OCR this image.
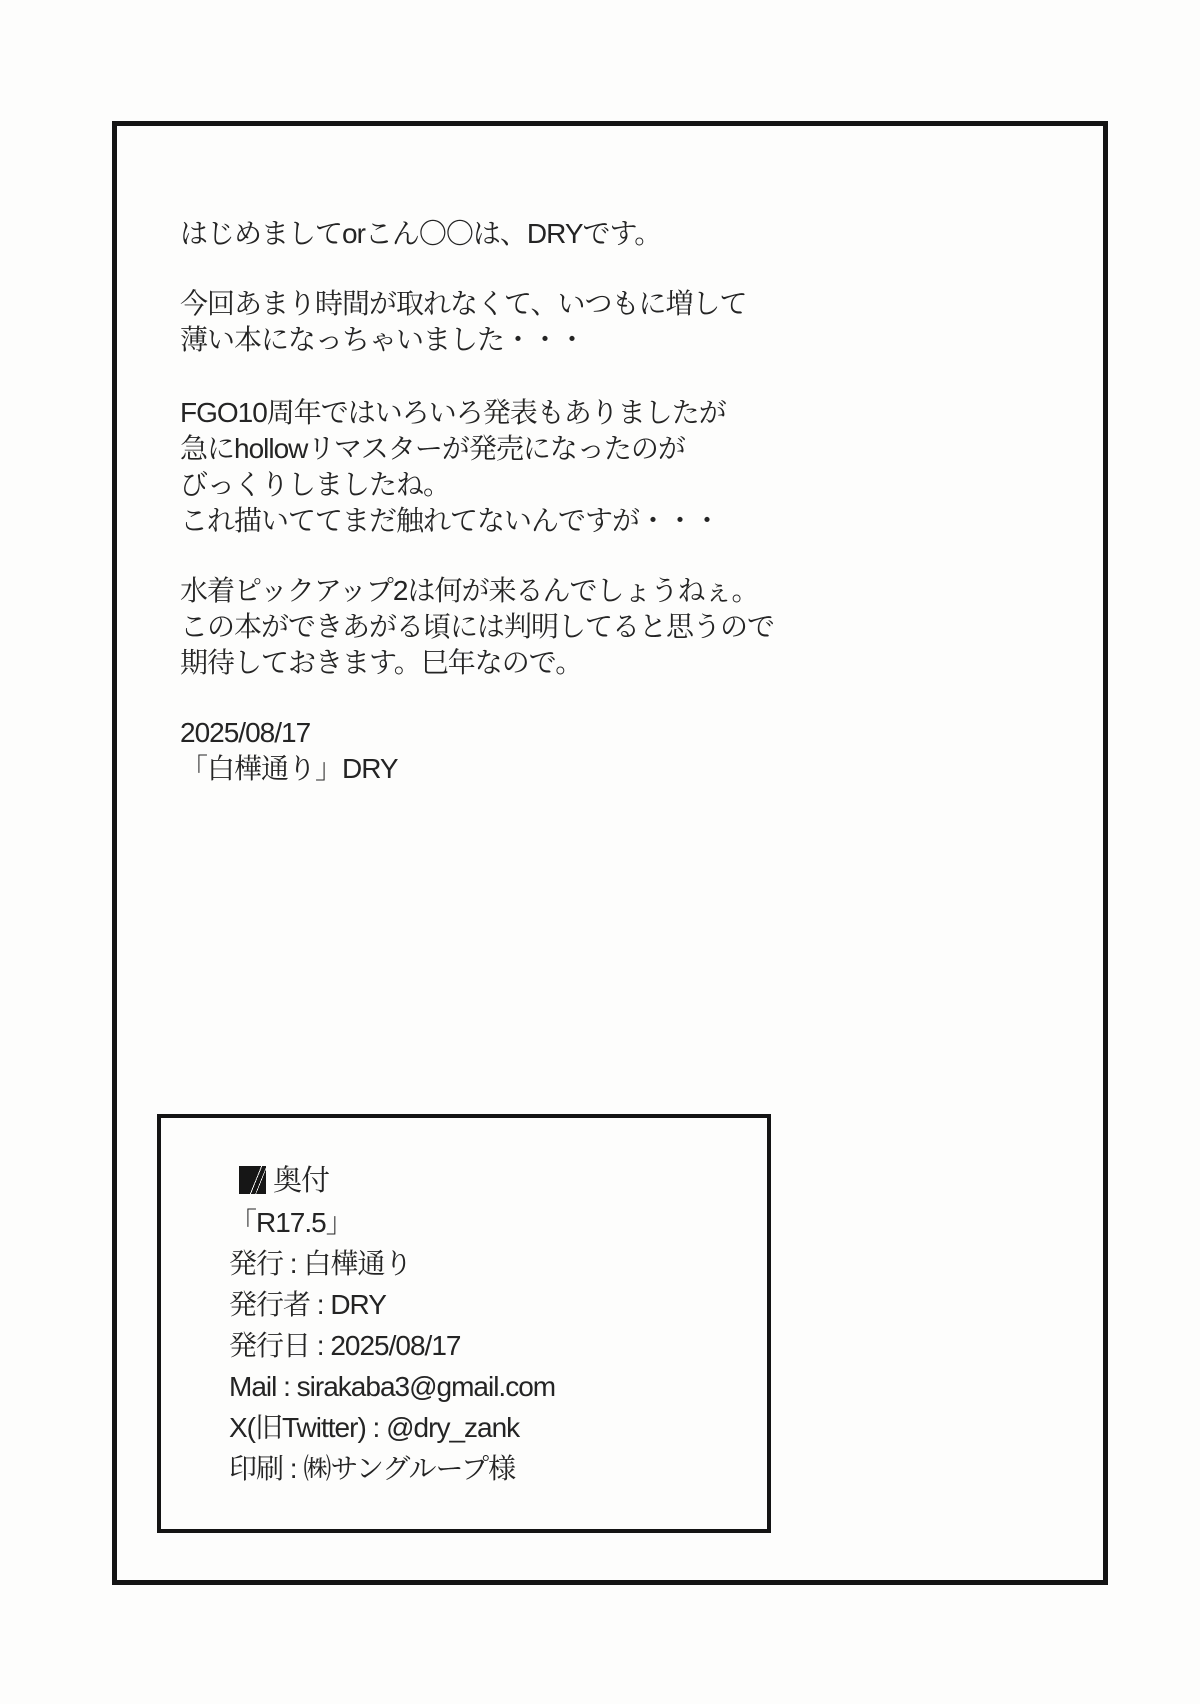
はじめましてorこん〇〇は、DRYです。

今回あまり時間が取れなくて、いつもに増して
薄い本になっちゃいました・・・

FGO10周年ではいろいろ発表もありましたが
急にhollowリマスターが発売になったのが
びっくりしましたね。
これ描いててまだ触れてないんですが・・・

水着ピックアップ2は何が来るんでしょうねぇ。
この本ができあがる頃には判明してると思うので
期待しておきます。巳年なので。

2025/08/17
「白樺通り」DRY

奥付
「R17.5」
発行 : 白樺通り
発行者 : DRY
発行日 : 2025/08/17
Mail : sirakaba3@gmail.com
X(旧Twitter) : @dry_zank
印刷 : ㈱サングループ様
